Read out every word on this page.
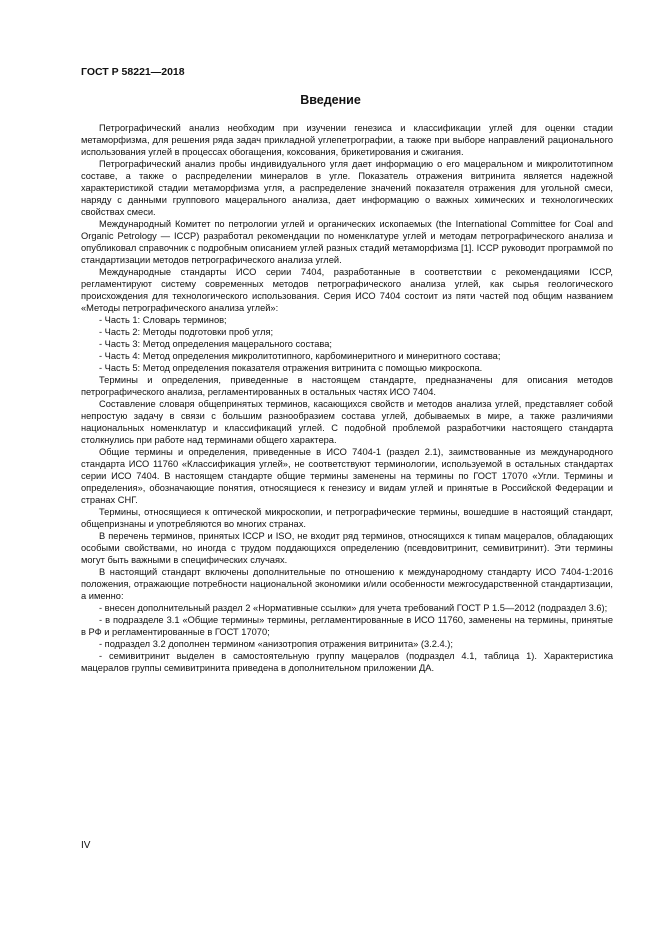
ГОСТ Р 58221—2018
Введение

Петрографический анализ необходим при изучении генезиса и классификации углей для оценки стадии метаморфизма, для решения ряда задач прикладной углепетрографии, а также при выборе направлений рационального использования углей в процессах обогащения, коксования, брикетирования и сжигания.

Петрографический анализ пробы индивидуального угля дает информацию о его мацеральном и микролитотипном составе, а также о распределении минералов в угле. Показатель отражения витринита является надежной характеристикой стадии метаморфизма угля, а распределение значений показателя отражения для угольной смеси, наряду с данными группового мацерального анализа, дает информацию о важных химических и технологических свойствах смеси.

Международный Комитет по петрологии углей и органических ископаемых (the International Committee for Coal and Organic Petrology — ICCP) разработал рекомендации по номенклатуре углей и методам петрографического анализа и опубликовал справочник с подробным описанием углей разных стадий метаморфизма [1]. ICCP руководит программой по стандартизации методов петрографического анализа углей.

Международные стандарты ИСО серии 7404, разработанные в соответствии с рекомендациями ICCP, регламентируют систему современных методов петрографического анализа углей, как сырья геологического происхождения для технологического использования. Серия ИСО 7404 состоит из пяти частей под общим названием «Методы петрографического анализа углей»:

- Часть 1: Словарь терминов;

- Часть 2: Методы подготовки проб угля;

- Часть 3: Метод определения мацерального состава;

- Часть 4: Метод определения микролитотипного, карбоминеритного и минеритного состава;

- Часть 5: Метод определения показателя отражения витринита с помощью микроскопа.

Термины и определения, приведенные в настоящем стандарте, предназначены для описания методов петрографического анализа, регламентированных в остальных частях ИСО 7404.

Составление словаря общепринятых терминов, касающихся свойств и методов анализа углей, представляет собой непростую задачу в связи с большим разнообразием состава углей, добываемых в мире, а также различиями национальных номенклатур и классификаций углей. С подобной проблемой разработчики настоящего стандарта столкнулись при работе над терминами общего характера.

Общие термины и определения, приведенные в ИСО 7404-1 (раздел 2.1), заимствованные из международного стандарта ИСО 11760 «Классификация углей», не соответствуют терминологии, используемой в остальных стандартах серии ИСО 7404. В настоящем стандарте общие термины заменены на термины по ГОСТ 17070 «Угли. Термины и определения», обозначающие понятия, относящиеся к генезису и видам углей и принятые в Российской Федерации и странах СНГ.

Термины, относящиеся к оптической микроскопии, и петрографические термины, вошедшие в настоящий стандарт, общепризнаны и употребляются во многих странах.

В перечень терминов, принятых ICCP и ISO, не входит ряд терминов, относящихся к типам мацералов, обладающих особыми свойствами, но иногда с трудом поддающихся определению (псевдовитринит, семивитринит). Эти термины могут быть важными в специфических случаях.

В настоящий стандарт включены дополнительные по отношению к международному стандарту ИСО 7404-1:2016 положения, отражающие потребности национальной экономики и/или особенности межгосударственной стандартизации, а именно:

- внесен дополнительный раздел 2 «Нормативные ссылки» для учета требований ГОСТ Р 1.5—2012 (подраздел 3.6);

- в подразделе 3.1 «Общие термины» термины, регламентированные в ИСО 11760, заменены на термины, принятые в РФ и регламентированные в ГОСТ 17070;

- подраздел 3.2 дополнен термином «анизотропия отражения витринита» (3.2.4.);

- семивитринит выделен в самостоятельную группу мацералов (подраздел 4.1, таблица 1). Характеристика мацералов группы семивитринита приведена в дополнительном приложении ДА.

IV
